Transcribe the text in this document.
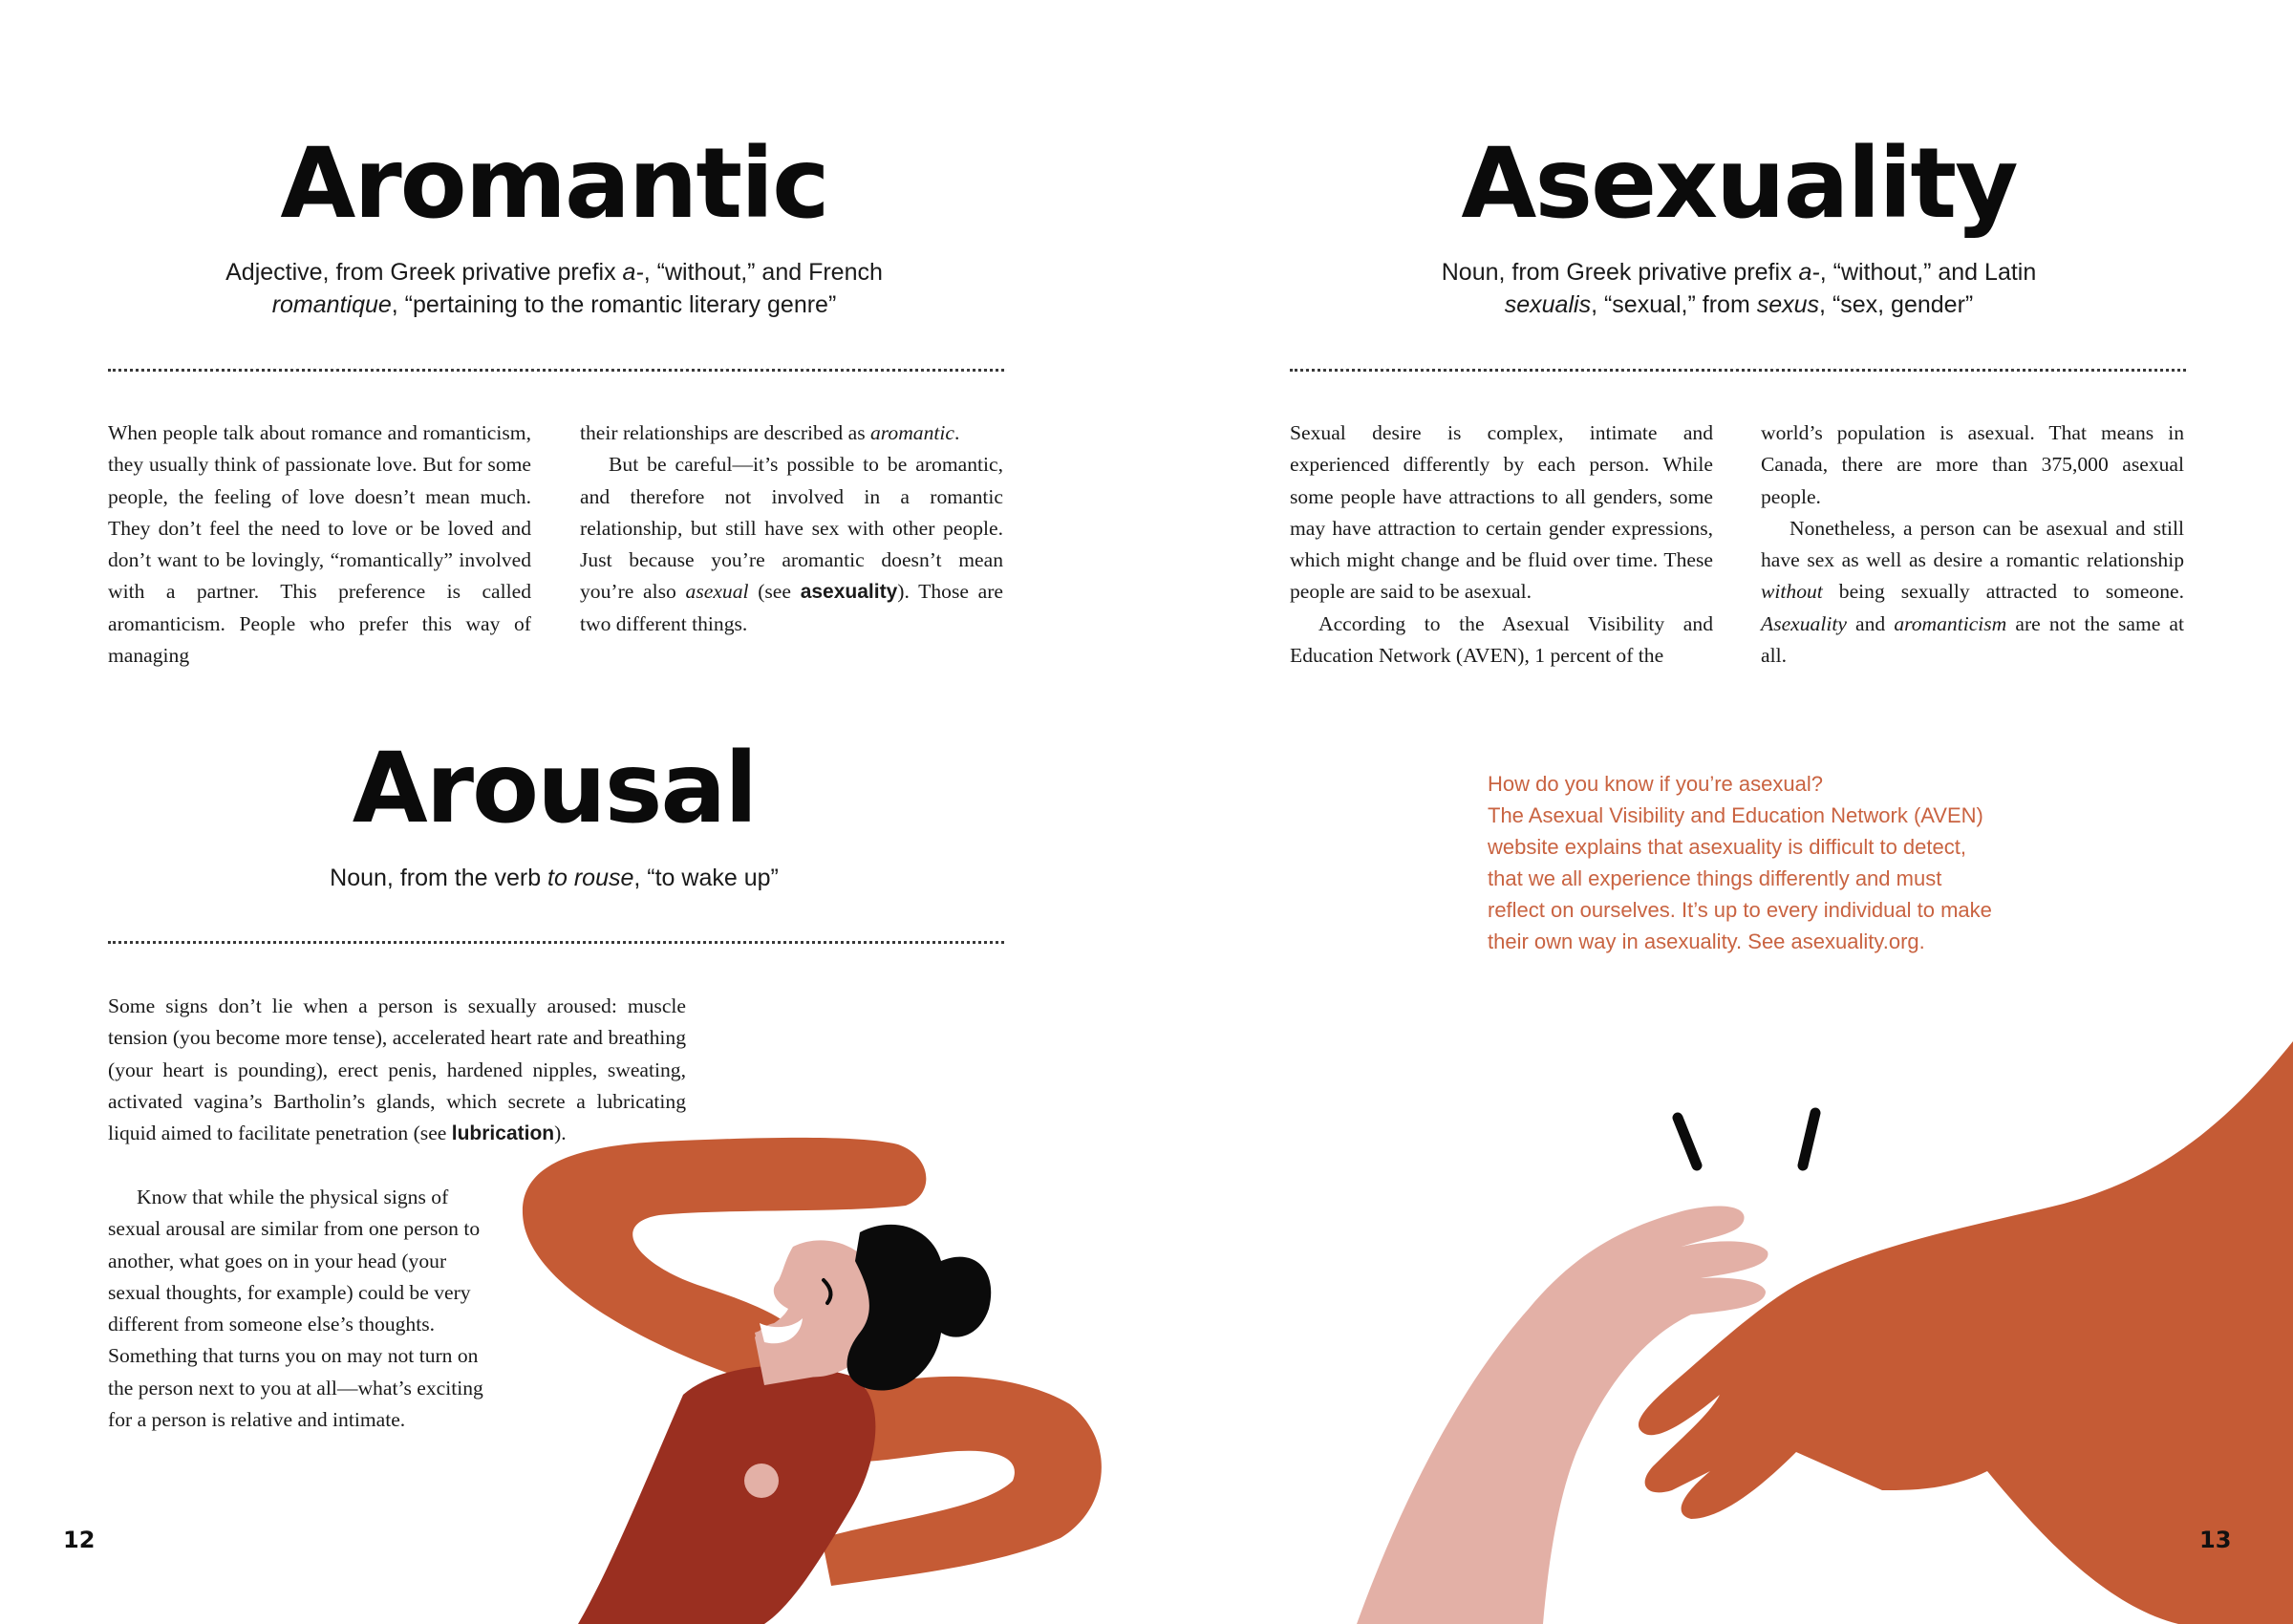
Aromantic

Adjective, from Greek privative prefix a-, “without,” and French
romantique, “pertaining to the romantic literary genre”

When people talk about romance and romanticism, they usually think of passionate love. But for some people, the feeling of love doesn’t mean much. They don’t feel the need to love or be loved and don’t want to be lovingly, “romantically” involved with a partner. This preference is called aromanticism. People who prefer this way of managing

their relationships are described as aromantic.

But be careful—it’s possible to be aromantic, and therefore not involved in a romantic relationship, but still have sex with other people. Just because you’re aromantic doesn’t mean you’re also asexual (see asexuality). Those are two different things.

Arousal

Noun, from the verb to rouse, “to wake up”

Some signs don’t lie when a person is sexually aroused: muscle tension (you become more tense), accelerated heart rate and breathing (your heart is pounding), erect penis, hardened nipples, sweating, activated vagina’s Bartholin’s glands, which secrete a lubricating liquid aimed to facilitate penetration (see lubrication).

Know that while the physical signs of sexual arousal are similar from one person to another, what goes on in your head (your sexual thoughts, for example) could be very different from someone else’s thoughts. Something that turns you on may not turn on the person next to you at all—what’s exciting for a person is relative and intimate.

12

Asexuality

Noun, from Greek privative prefix a-, “without,” and Latin
sexualis, “sexual,” from sexus, “sex, gender”

Sexual desire is complex, intimate and experienced differently by each person. While some people have attractions to all genders, some may have attraction to certain gender expressions, which might change and be fluid over time. These people are said to be asexual.

According to the Asexual Visibility and Education Network (AVEN), 1 percent of the

world’s population is asexual. That means in Canada, there are more than 375,000 asexual people.

Nonetheless, a person can be asexual and still have sex as well as desire a romantic relationship without being sexually attracted to someone. Asexuality and aromanticism are not the same at all.

How do you know if you’re asexual?

The Asexual Visibility and Education Network (AVEN) website explains that asexuality is difficult to detect, that we all experience things differently and must reflect on ourselves. It’s up to every individual to make their own way in asexuality. See asexuality.org.

13
